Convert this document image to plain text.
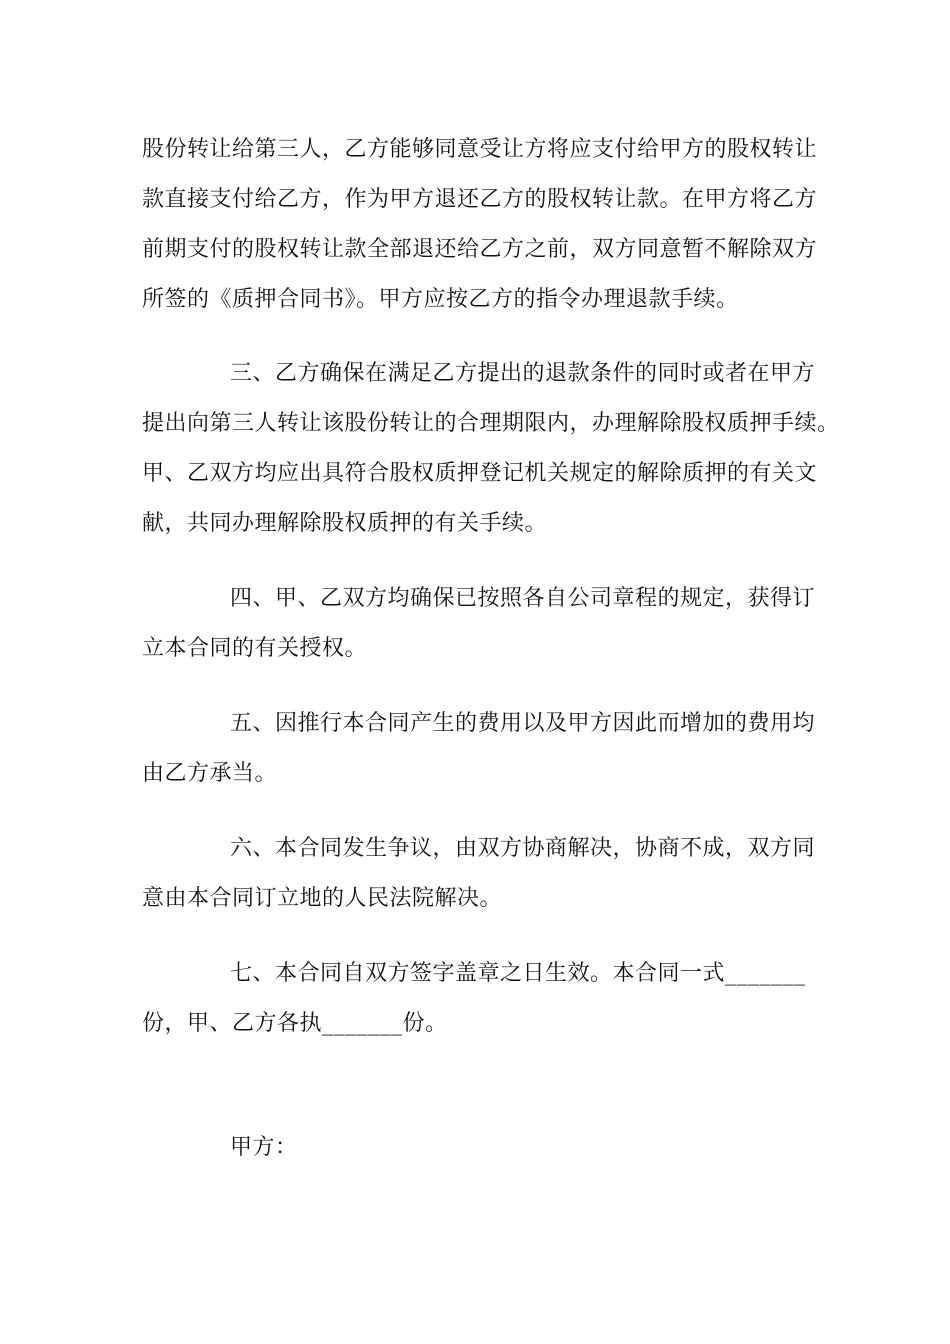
股份转让给第三人，乙方能够同意受让方将应支付给甲方的股权转让
款直接支付给乙方，作为甲方退还乙方的股权转让款。在甲方将乙方
前期支付的股权转让款全部退还给乙方之前，双方同意暂不解除双方
所签的《质押合同书》。甲方应按乙方的指令办理退款手续。
三、乙方确保在满足乙方提出的退款条件的同时或者在甲方
提出向第三人转让该股份转让的合理期限内，办理解除股权质押手续。
甲、乙双方均应出具符合股权质押登记机关规定的解除质押的有关文
献，共同办理解除股权质押的有关手续。
四、甲、乙双方均确保已按照各自公司章程的规定，获得订
立本合同的有关授权。
五、因推行本合同产生的费用以及甲方因此而增加的费用均
由乙方承当。
六、本合同发生争议，由双方协商解决，协商不成，双方同
意由本合同订立地的人民法院解决。
七、本合同自双方签字盖章之日生效。本合同一式_______
份，甲、乙方各执_______份。
甲方：
